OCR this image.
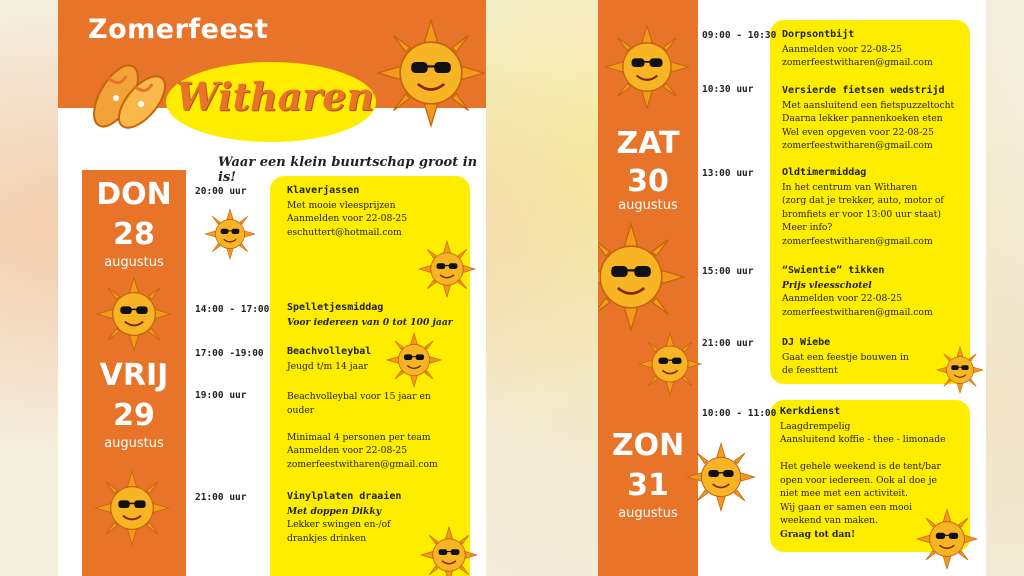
Zomerfeest
Witharen
Waar een klein buurtschap groot in is!
DON
28
augustus
VRIJ
29
augustus
20:00 uur	Klaverjassen
Met mooie vleesprijzen
Aanmelden voor 22-08-25
eschuttert@hotmail.com
14:00 - 17:00 Spelletjesmiddag
Voor iedereen van 0 tot 100 jaar
17:00 -19:00 Beachvolleybal
Jeugd t/m 14 jaar
19:00 uur	Beachvolleybal voor 15 jaar en
ouder

Minimaal 4 personen per team
Aanmelden voor 22-08-25
zomerfeestwitharen@gmail.com
21:00 uur	Vinylplaten draaien
Met doppen Dikky
Lekker swingen en-/of
drankjes drinken
ZAT
30
augustus
ZON
31
augustus
09:00 - 10:30 Dorpsontbijt
Aanmelden voor 22-08-25
zomerfeestwitharen@gmail.com
10:30 uur	Versierde fietsen wedstrijd
Met aansluitend een fietspuzzeltocht
Daarna lekker pannenkoeken eten
Wel even opgeven voor 22-08-25
zomerfeestwitharen@gmail.com
13:00 uur	Oldtimermiddag
In het centrum van Witharen
(zorg dat je trekker, auto, motor of
bromfiets er voor 13:00 uur staat)
Meer info?
zomerfeestwitharen@gmail.com
15:00 uur	“Swientie” tikken
Prijs vleesschotel
Aanmelden voor 22-08-25
zomerfeestwitharen@gmail.com
21:00 uur	DJ Wiebe
Gaat een feestje bouwen in
de feesttent
10:00 - 11:00 Kerkdienst
Laagdrempelig
Aansluitend koffie - thee - limonade

Het gehele weekend is de tent/bar
open voor iedereen. Ook al doe je
niet mee met een activiteit.
Wij gaan er samen een mooi
weekend van maken.
Graag tot dan!
